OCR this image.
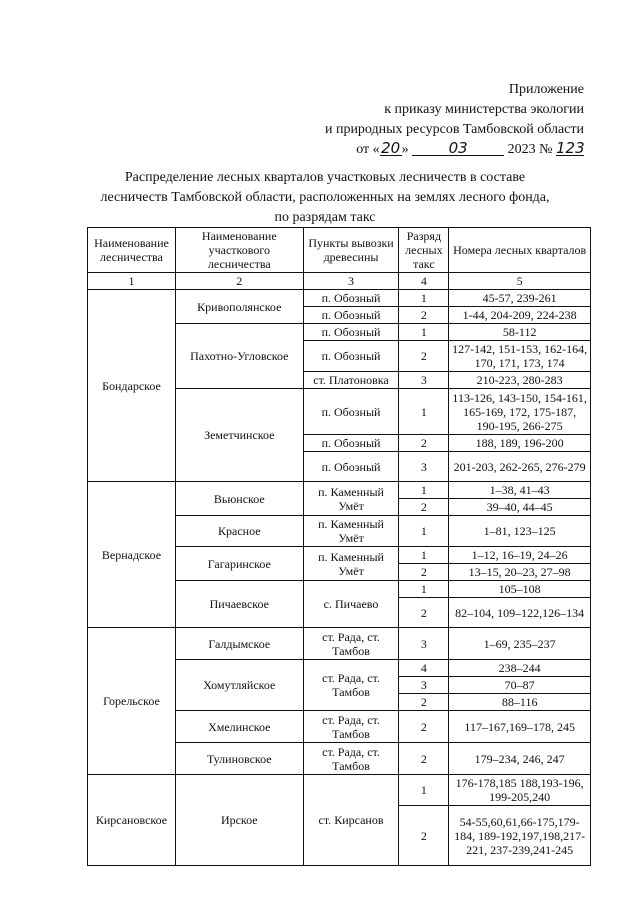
Приложение
к приказу министерства экологии
и природных ресурсов Тамбовской области
от «20» 03	2023 № 123
Распределение лесных кварталов участковых лесничеств в составе
лесничеств Тамбовской области, расположенных на землях лесного фонда,
по разрядам такс
Наименование лесничества	Наименование участкового лесничества	Пункты вывозки древесины	Разряд лесных такс	Номера лесных кварталов
1	2	3	4	5
Бондарское	Кривополянское	п. Обозный	1	45-57, 239-261
		п. Обозный	2	1-44, 204-209, 224-238
	Пахотно-Угловское	п. Обозный	1	58-112
		п. Обозный	2	127-142, 151-153, 162-164, 170, 171, 173, 174
		ст. Платоновка	3	210-223, 280-283
	Земетчинское	п. Обозный	1	113-126, 143-150, 154-161, 165-169, 172, 175-187, 190-195, 266-275
		п. Обозный	2	188, 189, 196-200
		п. Обозный	3	201-203, 262-265, 276-279
Вернадское	Вьюнское	п. Каменный Умёт	1	1–38, 41–43
			2	39–40, 44–45
	Красное	п. Каменный Умёт	1	1–81, 123–125
	Гагаринское	п. Каменный Умёт	1	1–12, 16–19, 24–26
			2	13–15, 20–23, 27–98
	Пичаевское	с. Пичаево	1	105–108
			2	82–104, 109–122,126–134
Горельское	Галдымское	ст. Рада, ст. Тамбов	3	1–69, 235–237
	Хомутляйское	ст. Рада, ст. Тамбов	4	238–244
			3	70–87
			2	88–116
	Хмелинское	ст. Рада, ст. Тамбов	2	117–167,169–178, 245
	Тулиновское	ст. Рада, ст. Тамбов	2	179–234, 246, 247
Кирсановское	Ирское	ст. Кирсанов	1	176-178,185 188,193-196, 199-205,240
			2	54-55,60,61,66-175,179-184, 189-192,197,198,217-221, 237-239,241-245
